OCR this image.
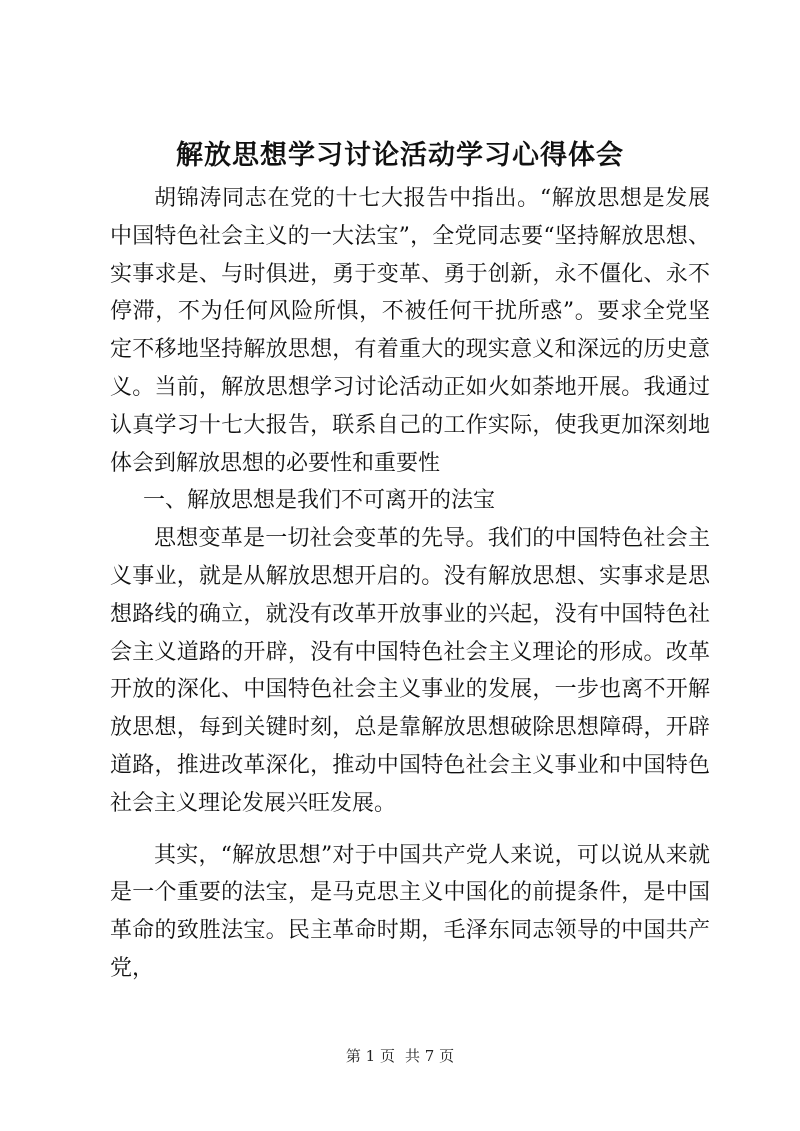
解放思想学习讨论活动学习心得体会

胡锦涛同志在党的十七大报告中指出。“解放思想是发展中国特色社会主义的一大法宝”，全党同志要“坚持解放思想、实事求是、与时俱进，勇于变革、勇于创新，永不僵化、永不停滞，不为任何风险所惧，不被任何干扰所惑”。要求全党坚定不移地坚持解放思想，有着重大的现实意义和深远的历史意义。当前，解放思想学习讨论活动正如火如荼地开展。我通过认真学习十七大报告，联系自己的工作实际，使我更加深刻地体会到解放思想的必要性和重要性

一、解放思想是我们不可离开的法宝

思想变革是一切社会变革的先导。我们的中国特色社会主义事业，就是从解放思想开启的。没有解放思想、实事求是思想路线的确立，就没有改革开放事业的兴起，没有中国特色社会主义道路的开辟，没有中国特色社会主义理论的形成。改革开放的深化、中国特色社会主义事业的发展，一步也离不开解放思想，每到关键时刻，总是靠解放思想破除思想障碍，开辟道路，推进改革深化，推动中国特色社会主义事业和中国特色社会主义理论发展兴旺发展。

其实，“解放思想”对于中国共产党人来说，可以说从来就是一个重要的法宝，是马克思主义中国化的前提条件，是中国革命的致胜法宝。民主革命时期，毛泽东同志领导的中国共产党，

第 1 页 共 7 页
